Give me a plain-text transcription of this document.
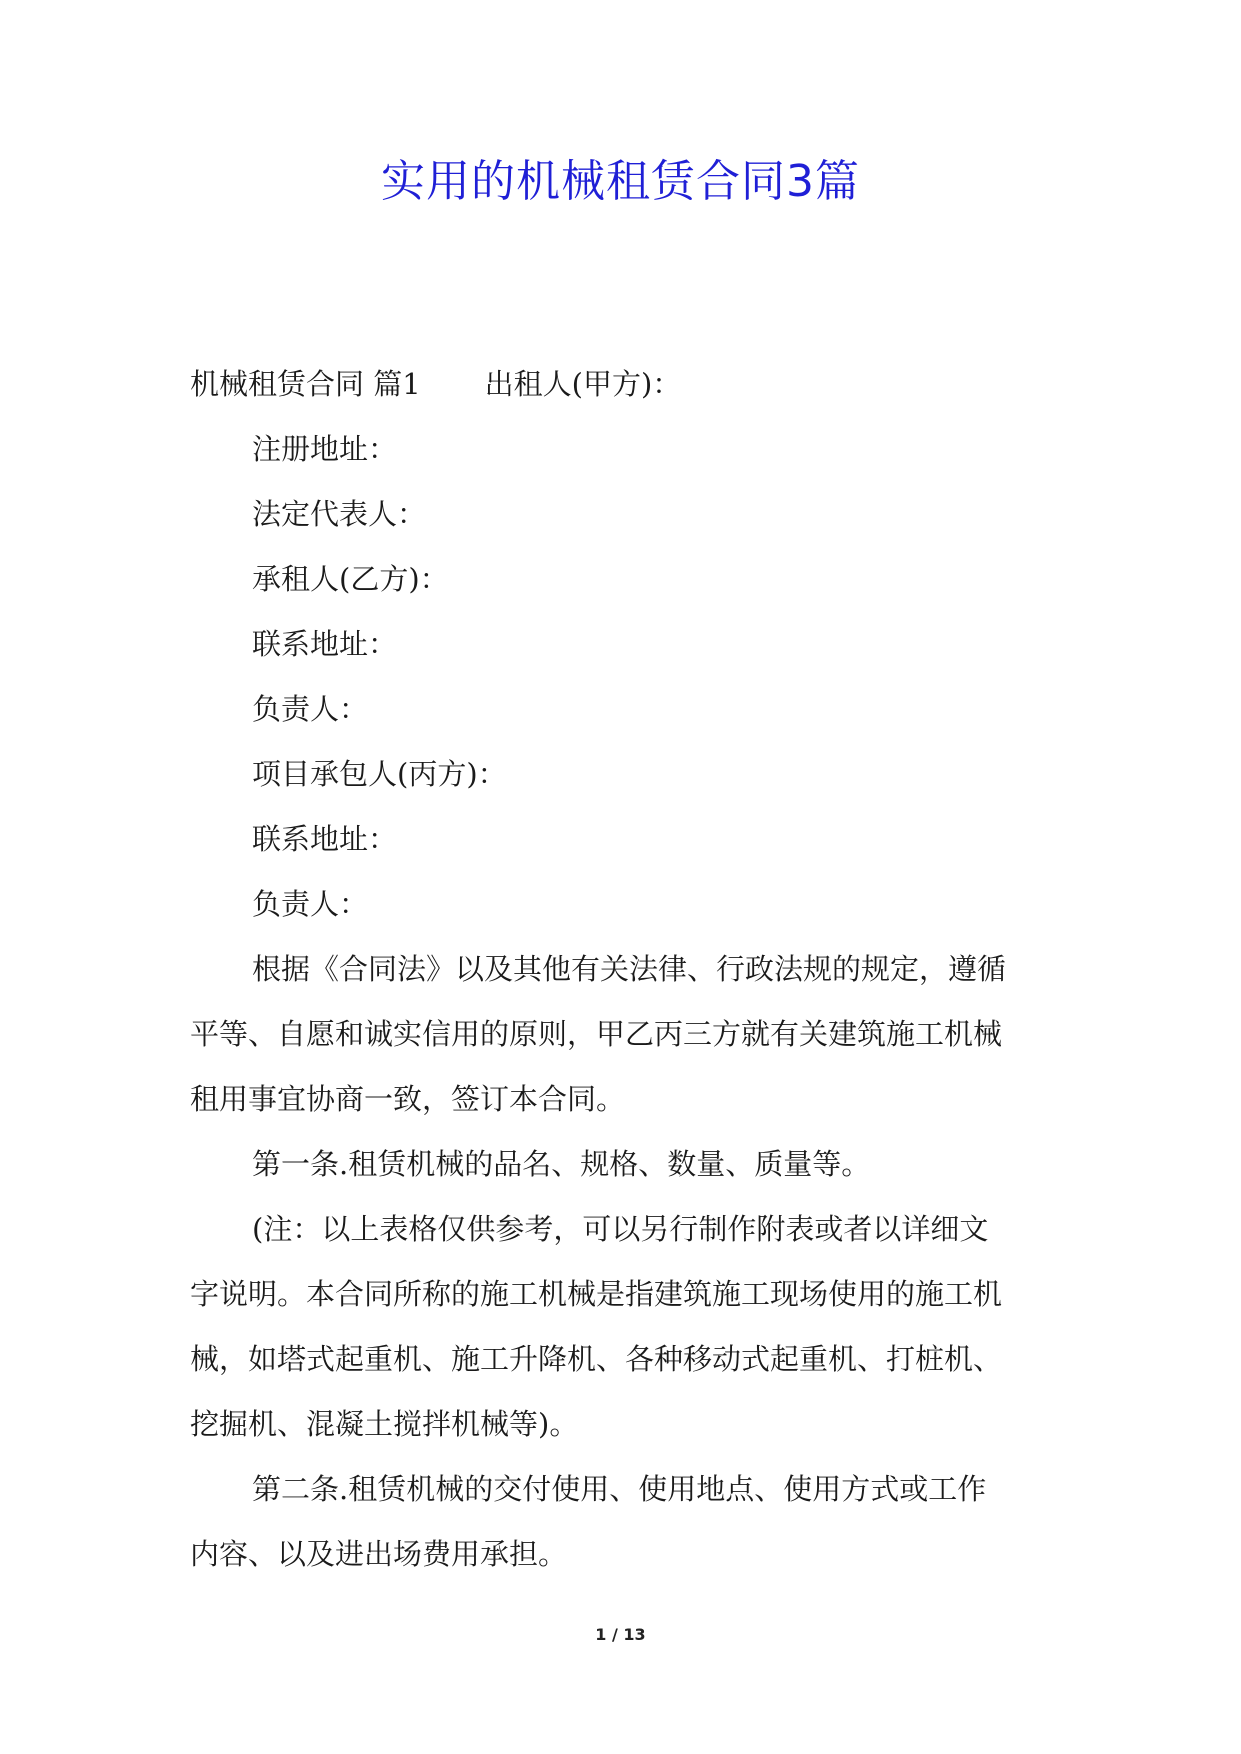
实用的机械租赁合同3篇

机械租赁合同 篇1 出租人(甲方)：

注册地址：

法定代表人：

承租人(乙方)：

联系地址：

负责人：

项目承包人(丙方)：

联系地址：

负责人：

根据《合同法》以及其他有关法律、行政法规的规定，遵循

平等、自愿和诚实信用的原则，甲乙丙三方就有关建筑施工机械

租用事宜协商一致，签订本合同。

第一条.租赁机械的品名、规格、数量、质量等。

(注：以上表格仅供参考，可以另行制作附表或者以详细文

字说明。本合同所称的施工机械是指建筑施工现场使用的施工机

械，如塔式起重机、施工升降机、各种移动式起重机、打桩机、

挖掘机、混凝土搅拌机械等)。

第二条.租赁机械的交付使用、使用地点、使用方式或工作

内容、以及进出场费用承担。

1 / 13
